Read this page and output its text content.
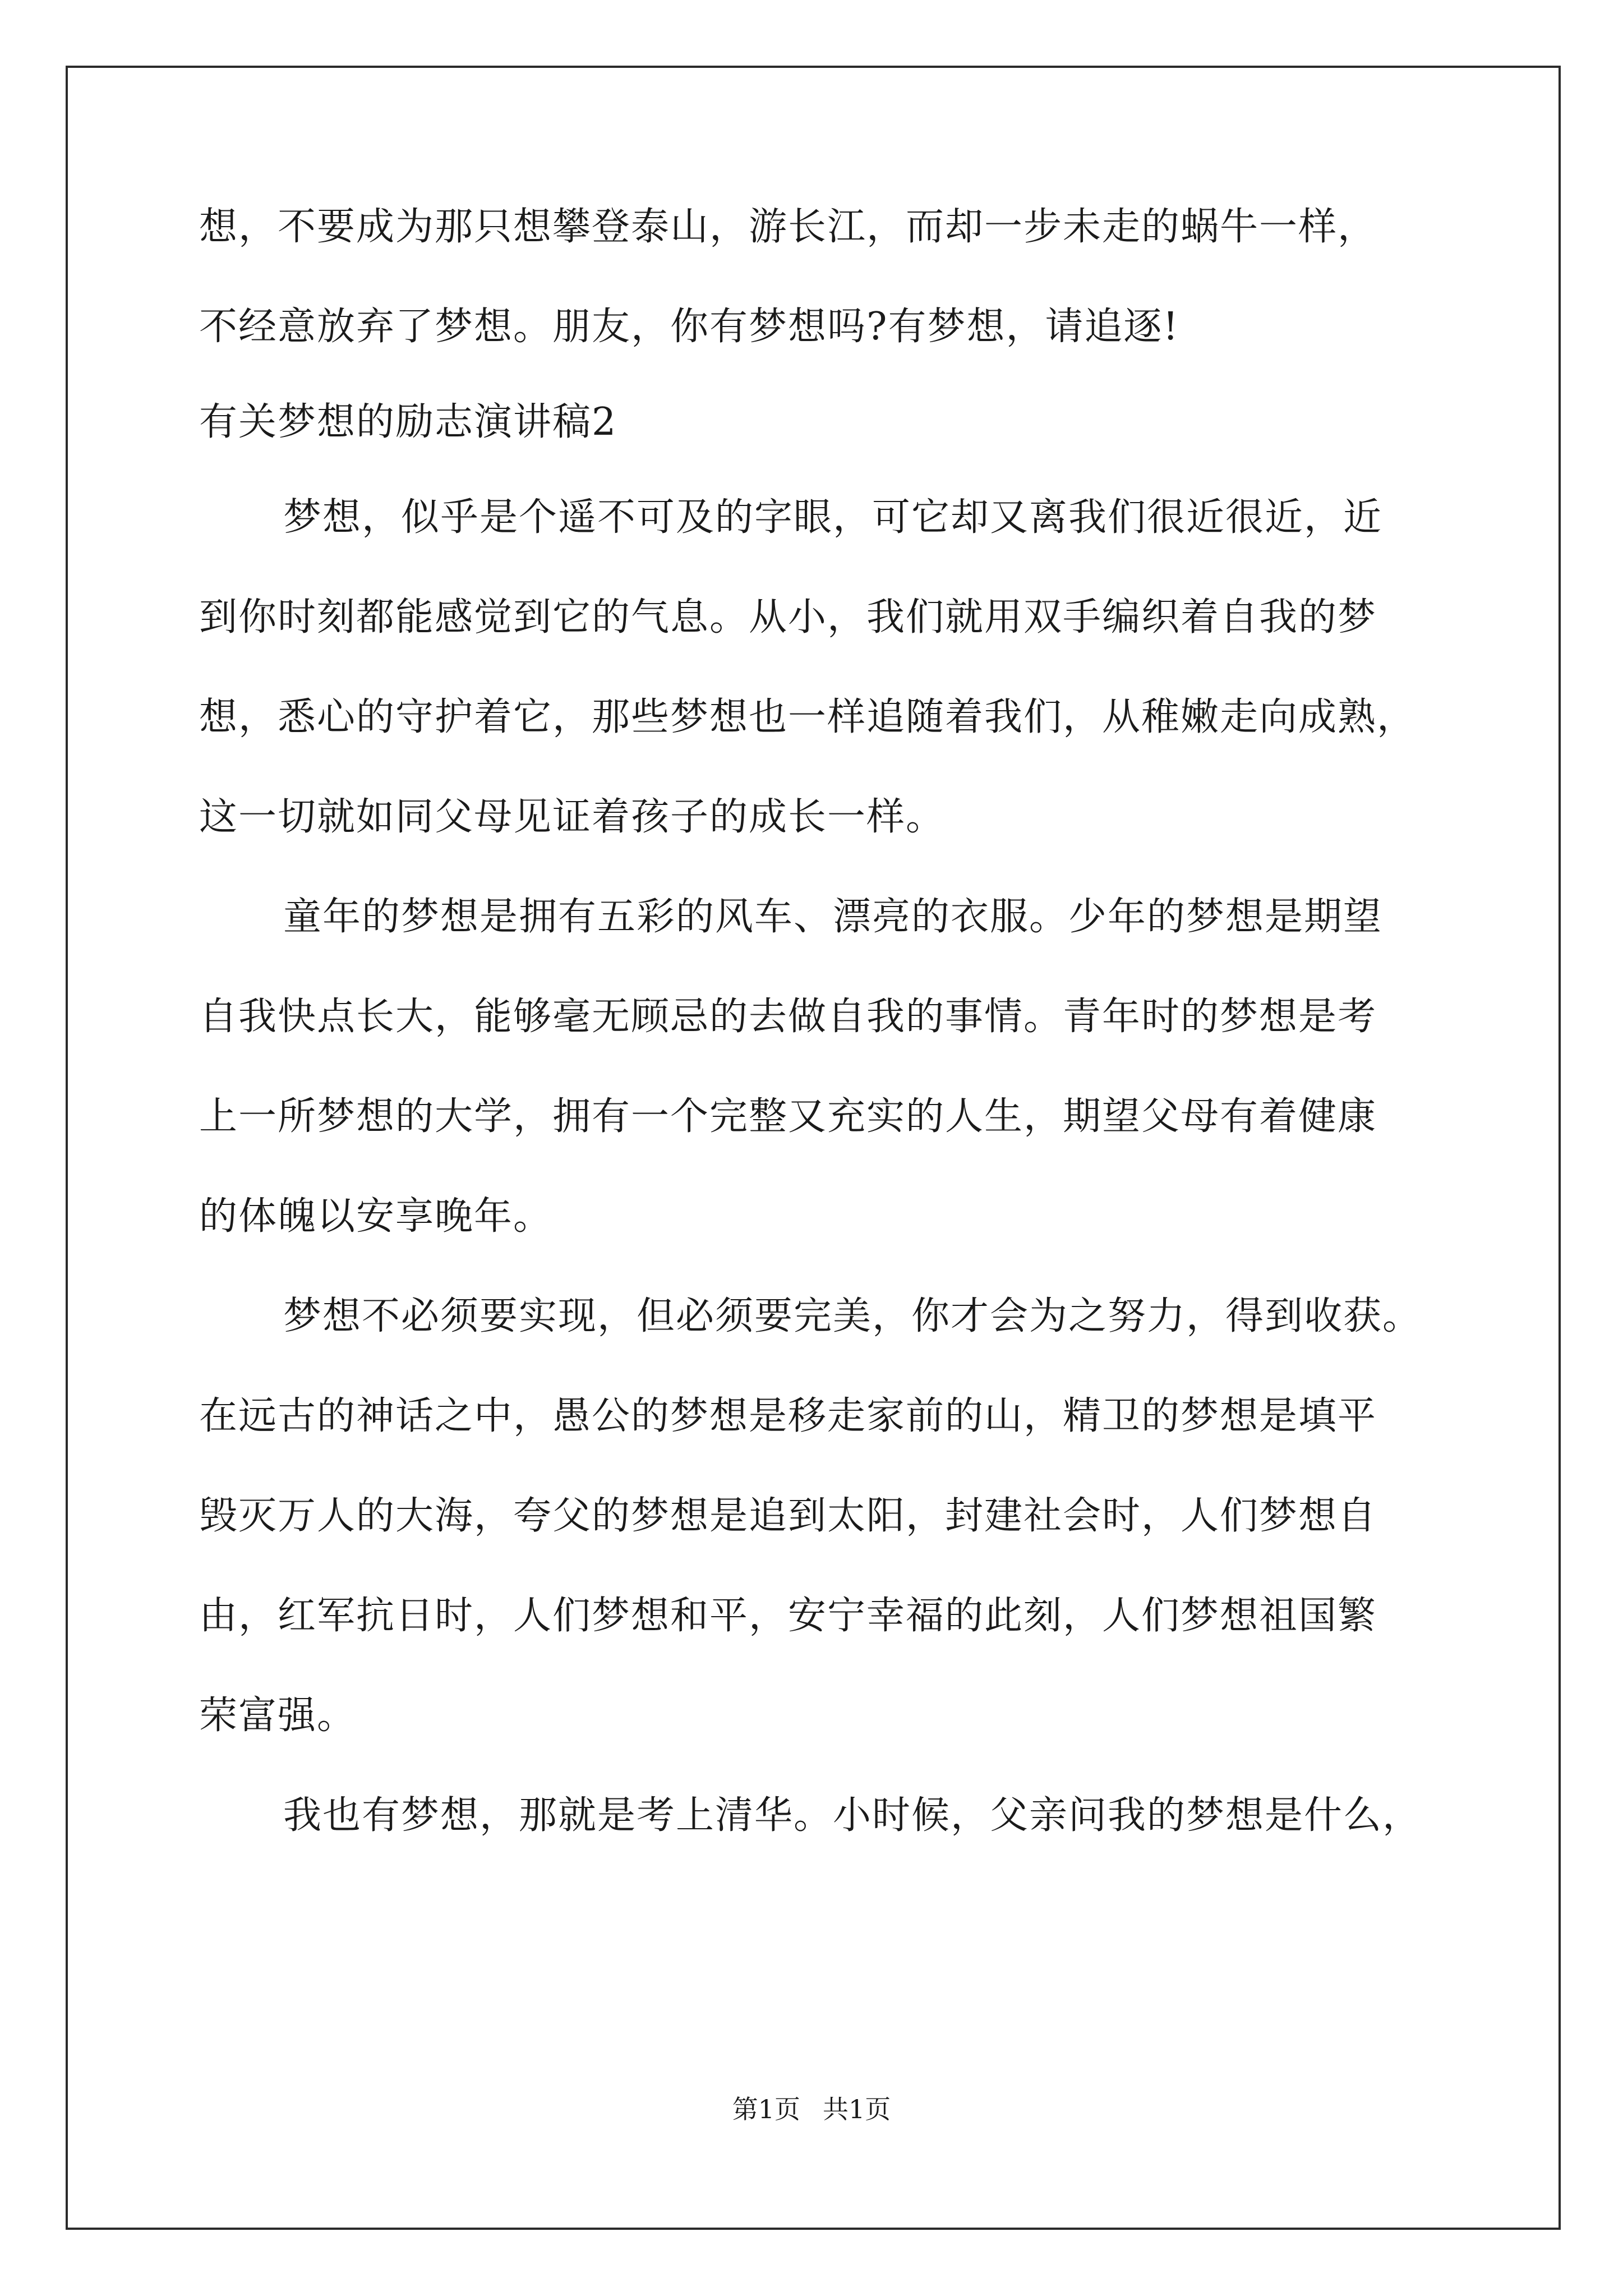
想，不要成为那只想攀登泰山，游长江，而却一步未走的蜗牛一样，

不经意放弃了梦想。朋友，你有梦想吗?有梦想，请追逐!

有关梦想的励志演讲稿2

梦想，似乎是个遥不可及的字眼，可它却又离我们很近很近，近

到你时刻都能感觉到它的气息。从小，我们就用双手编织着自我的梦

想，悉心的守护着它，那些梦想也一样追随着我们，从稚嫩走向成熟，

这一切就如同父母见证着孩子的成长一样。

童年的梦想是拥有五彩的风车、漂亮的衣服。少年的梦想是期望

自我快点长大，能够毫无顾忌的去做自我的事情。青年时的梦想是考

上一所梦想的大学，拥有一个完整又充实的人生，期望父母有着健康

的体魄以安享晚年。

梦想不必须要实现，但必须要完美，你才会为之努力，得到收获。

在远古的神话之中，愚公的梦想是移走家前的山，精卫的梦想是填平

毁灭万人的大海，夸父的梦想是追到太阳，封建社会时，人们梦想自

由，红军抗日时，人们梦想和平，安宁幸福的此刻，人们梦想祖国繁

荣富强。

我也有梦想，那就是考上清华。小时候，父亲问我的梦想是什么，

第1页 共1页
